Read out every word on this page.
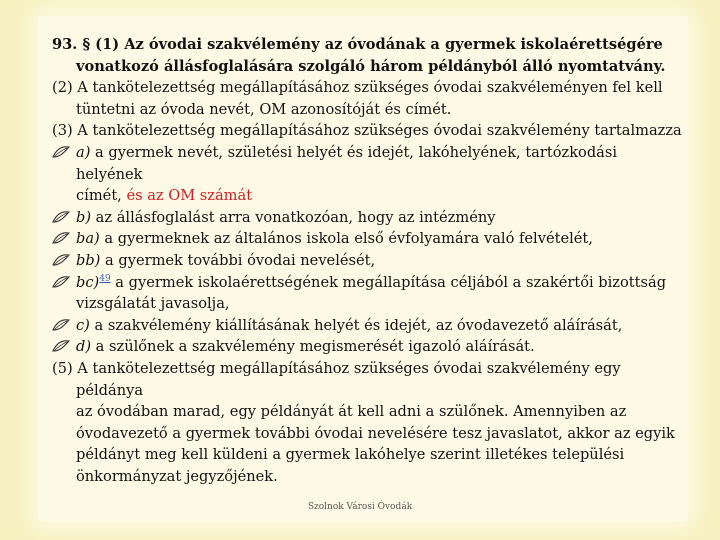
93. § (1) Az óvodai szakvélemény az óvodának a gyermek iskolaérettségére
vonatkozó állásfoglalására szolgáló három példányból álló nyomtatvány.

(2) A tankötelezettség megállapításához szükséges óvodai szakvéleményen fel kell
tüntetni az óvoda nevét, OM azonosítóját és címét.

(3) A tankötelezettség megállapításához szükséges óvodai szakvélemény tartalmazza

a) a gyermek nevét, születési helyét és idejét, lakóhelyének, tartózkodási helyének
címét, és az OM számát

b) az állásfoglalást arra vonatkozóan, hogy az intézmény

ba) a gyermeknek az általános iskola első évfolyamára való felvételét,

bb) a gyermek további óvodai nevelését,

bc)$^{49}$ a gyermek iskolaérettségének megállapítása céljából a szakértői bizottság
vizsgálatát javasolja,

c) a szakvélemény kiállításának helyét és idejét, az óvodavezető aláírását,

d) a szülőnek a szakvélemény megismerését igazoló aláírását.

(5) A tankötelezettség megállapításához szükséges óvodai szakvélemény egy példánya
az óvodában marad, egy példányát át kell adni a szülőnek. Amennyiben az
óvodavezető a gyermek további óvodai nevelésére tesz javaslatot, akkor az egyik
példányt meg kell küldeni a gyermek lakóhelye szerint illetékes települési
önkormányzat jegyzőjének.

Szolnok Városi Óvodák
